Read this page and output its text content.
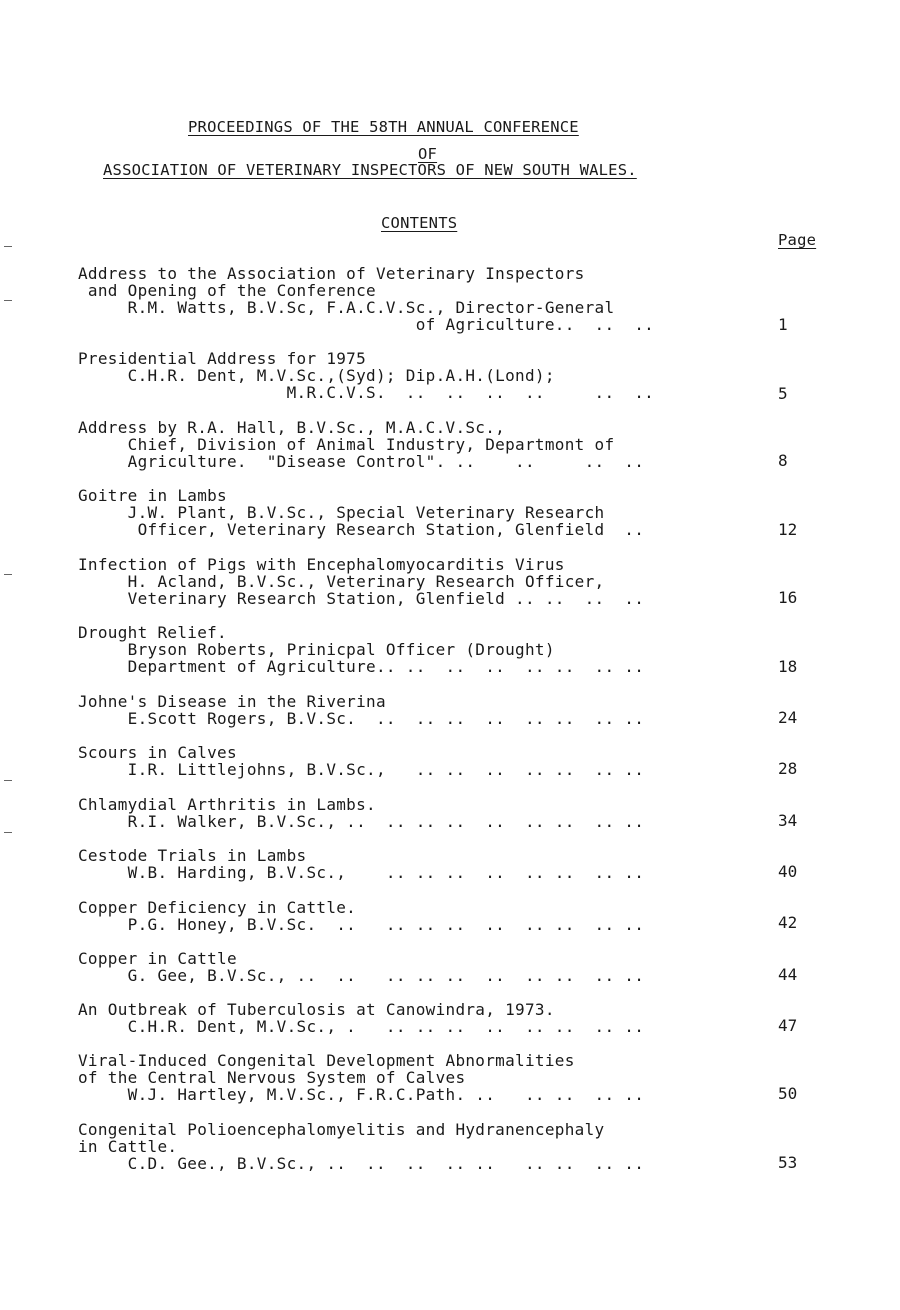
PROCEEDINGS OF THE 58TH ANNUAL CONFERENCE
OF
ASSOCIATION OF VETERINARY INSPECTORS OF NEW SOUTH WALES.
CONTENTS
Page
Address to the Association of Veterinary Inspectors
and Opening of the Conference
R.M. Watts, B.V.Sc, F.A.C.V.Sc., Director-General
of Agriculture..  ..  ..	1
Presidential Address for 1975
C.H.R. Dent, M.V.Sc.,(Syd); Dip.A.H.(Lond);
M.R.C.V.S.  ..  ..  ..  ..     ..  ..	5
Address by R.A. Hall, B.V.Sc., M.A.C.V.Sc.,
Chief, Division of Animal Industry, Departmont of
Agriculture.  "Disease Control". ..    ..     ..  ..	8
Goitre in Lambs
J.W. Plant, B.V.Sc., Special Veterinary Research
Officer, Veterinary Research Station, Glenfield  ..	12
Infection of Pigs with Encephalomyocarditis Virus
H. Acland, B.V.Sc., Veterinary Research Officer,
Veterinary Research Station, Glenfield .. ..  ..  ..	16
Drought Relief.
Bryson Roberts, Prinicpal Officer (Drought)
Department of Agriculture.. ..  ..  ..  .. ..  .. ..	18
Johne's Disease in the Riverina
E.Scott Rogers, B.V.Sc.  ..  .. ..  ..  .. ..  .. ..	24
Scours in Calves
I.R. Littlejohns, B.V.Sc.,   .. ..  ..  .. ..  .. ..	28
Chlamydial Arthritis in Lambs.
R.I. Walker, B.V.Sc., ..  .. .. ..  ..  .. ..  .. ..	34
Cestode Trials in Lambs
W.B. Harding, B.V.Sc.,    .. .. ..  ..  .. ..  .. ..	40
Copper Deficiency in Cattle.
P.G. Honey, B.V.Sc.  ..   .. .. ..  ..  .. ..  .. ..	42
Copper in Cattle
G. Gee, B.V.Sc., ..  ..   .. .. ..  ..  .. ..  .. ..	44
An Outbreak of Tuberculosis at Canowindra, 1973.
C.H.R. Dent, M.V.Sc., .   .. .. ..  ..  .. ..  .. ..	47
Viral-Induced Congenital Development Abnormalities
of the Central Nervous System of Calves
W.J. Hartley, M.V.Sc., F.R.C.Path. ..   .. ..  .. ..	50
Congenital Polioencephalomyelitis and Hydranencephaly
in Cattle.
C.D. Gee., B.V.Sc., ..  ..  ..  .. ..   .. ..  .. ..	53
